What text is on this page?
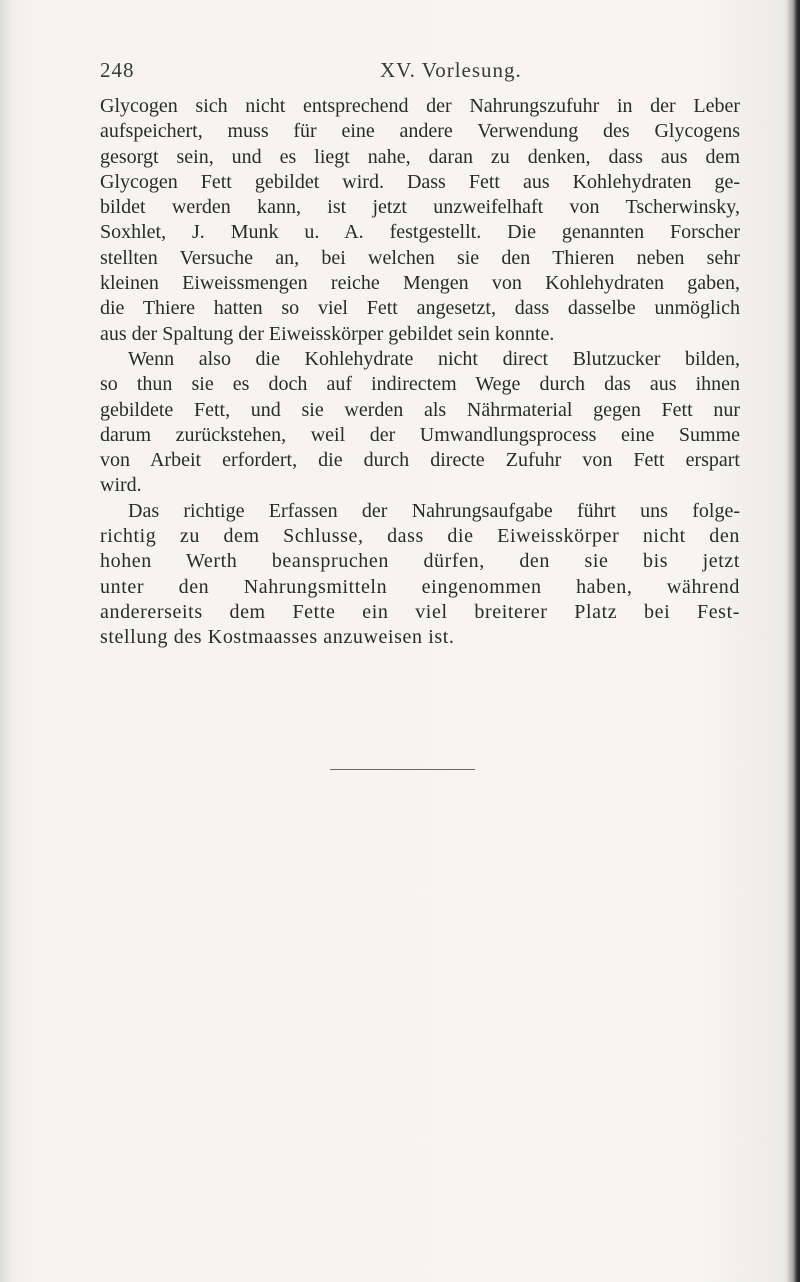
248	XV. Vorlesung.
Glycogen sich nicht entsprechend der Nahrungszufuhr in der Leber
aufspeichert, muss für eine andere Verwendung des Glycogens
gesorgt sein, und es liegt nahe, daran zu denken, dass aus dem
Glycogen Fett gebildet wird. Dass Fett aus Kohlehydraten ge-
bildet werden kann, ist jetzt unzweifelhaft von Tscherwinsky,
Soxhlet, J. Munk u. A. festgestellt. Die genannten Forscher
stellten Versuche an, bei welchen sie den Thieren neben sehr
kleinen Eiweissmengen reiche Mengen von Kohlehydraten gaben,
die Thiere hatten so viel Fett angesetzt, dass dasselbe unmöglich
aus der Spaltung der Eiweisskörper gebildet sein konnte.
Wenn also die Kohlehydrate nicht direct Blutzucker bilden,
so thun sie es doch auf indirectem Wege durch das aus ihnen
gebildete Fett, und sie werden als Nährmaterial gegen Fett nur
darum zurückstehen, weil der Umwandlungsprocess eine Summe
von Arbeit erfordert, die durch directe Zufuhr von Fett erspart
wird.
Das richtige Erfassen der Nahrungsaufgabe führt uns folge-
richtig zu dem Schlusse, dass die Eiweisskörper nicht den
hohen Werth beanspruchen dürfen, den sie bis jetzt
unter den Nahrungsmitteln eingenommen haben, während
andererseits dem Fette ein viel breiterer Platz bei Fest-
stellung des Kostmaasses anzuweisen ist.
